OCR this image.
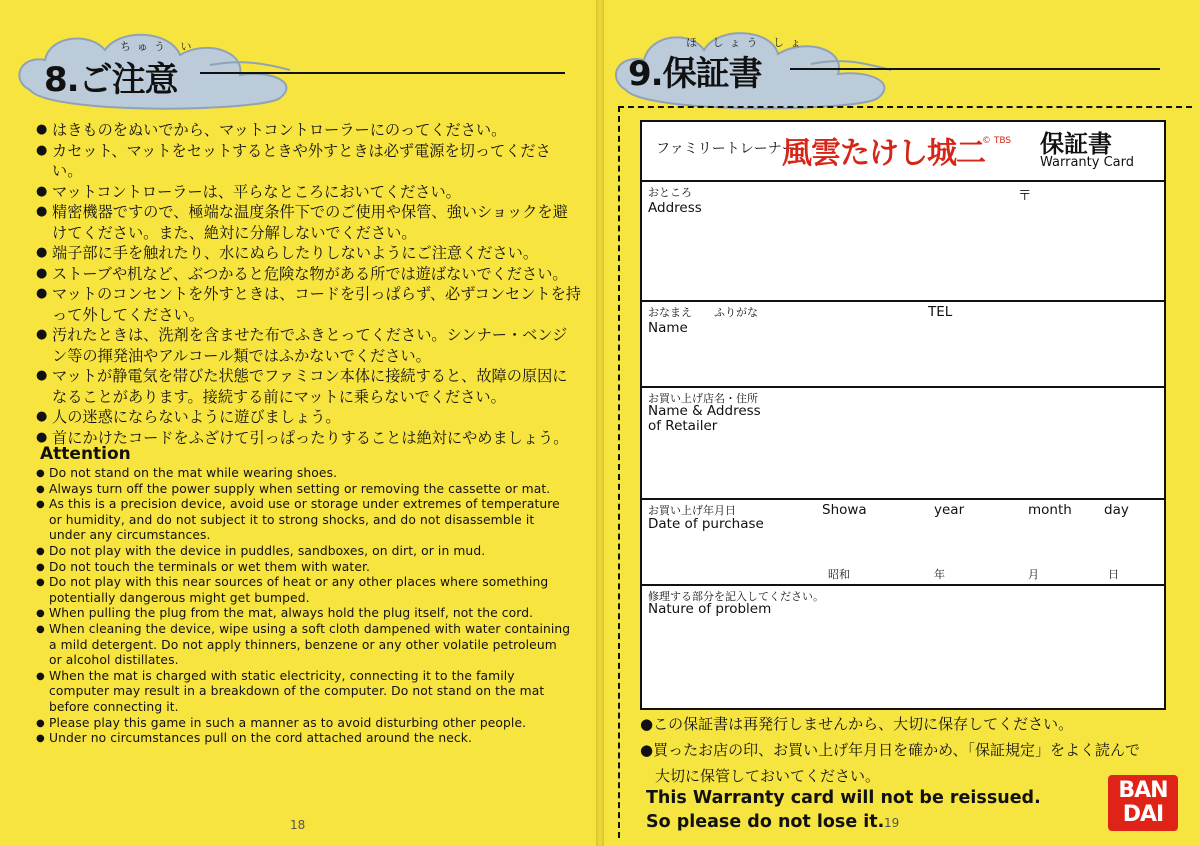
ちゅう い
8.ご注意
● はきものをぬいでから、マットコントローラーにのってください。
● カセット、マットをセットするときや外すときは必ず電源を切ってください。
● マットコントローラーは、平らなところにおいてください。
● 精密機器ですので、極端な温度条件下でのご使用や保管、強いショックを避けてください。また、絶対に分解しないでください。
● 端子部に手を触れたり、水にぬらしたりしないようにご注意ください。
● ストーブや机など、ぶつかると危険な物がある所では遊ばないでください。
● マットのコンセントを外すときは、コードを引っぱらず、必ずコンセントを持って外してください。
● 汚れたときは、洗剤を含ませた布でふきとってください。シンナー・ベンジン等の揮発油やアルコール類ではふかないでください。
● マットが静電気を帯びた状態でファミコン本体に接続すると、故障の原因になることがあります。接続する前にマットに乗らないでください。
● 人の迷惑にならないように遊びましょう。
● 首にかけたコードをふざけて引っぱったりすることは絶対にやめましょう。
Attention
● Do not stand on the mat while wearing shoes.
● Always turn off the power supply when setting or removing the cassette or mat.
● As this is a precision device, avoid use or storage under extremes of temperature or humidity, and do not subject it to strong shocks, and do not disassemble it under any circumstances.
● Do not play with the device in puddles, sandboxes, on dirt, or in mud.
● Do not touch the terminals or wet them with water.
● Do not play with this near sources of heat or any other places where something potentially dangerous might get bumped.
● When pulling the plug from the mat, always hold the plug itself, not the cord.
● When cleaning the device, wipe using a soft cloth dampened with water containing a mild detergent. Do not apply thinners, benzene or any other volatile petroleum or alcohol distillates.
● When the mat is charged with static electricity, connecting it to the family computer may result in a breakdown of the computer. Do not stand on the mat before connecting it.
● Please play this game in such a manner as to avoid disturbing other people.
● Under no circumstances pull on the cord attached around the neck.
18
ほ しょう しょ
9.保証書
ファミリートレーナー
風雲たけし城二
© TBS 保証書
Warranty Card
おところ
Address
〒
おなまえ　　ふりがな
Name
TEL
お買い上げ店名・住所
Name & Address
of Retailer
お買い上げ年月日
Date of purchase
Showa	year	month day
昭和	年	月	日
修理する部分を記入してください。
Nature of problem

●この保証書は再発行しませんから、大切に保存してください。

●買ったお店の印、お買い上げ年月日を確かめ、「保証規定」をよく読んで

　大切に保管しておいてください。

This Warranty card will not be reissued.
So please do not lose it. 19
BAN
DAI
